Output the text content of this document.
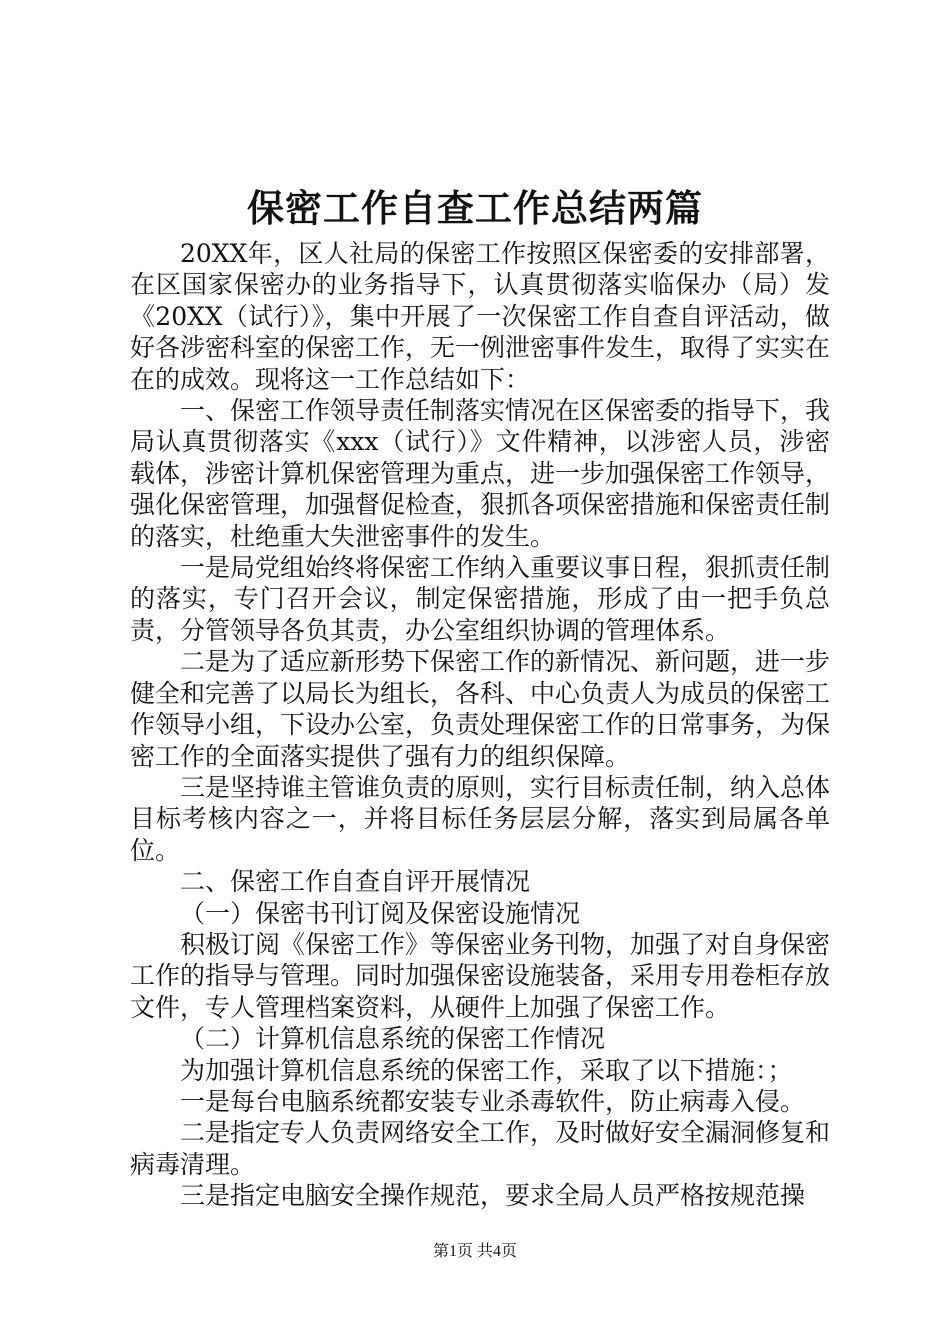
保密工作自查工作总结两篇

20XX年，区人社局的保密工作按照区保密委的安排部署，在区国家保密办的业务指导下，认真贯彻落实临保办（局）发《20XX（试行）》，集中开展了一次保密工作自查自评活动，做好各涉密科室的保密工作，无一例泄密事件发生，取得了实实在在的成效。现将这一工作总结如下：

一、保密工作领导责任制落实情况在区保密委的指导下，我局认真贯彻落实《xxx（试行）》文件精神，以涉密人员，涉密载体，涉密计算机保密管理为重点，进一步加强保密工作领导，强化保密管理，加强督促检查，狠抓各项保密措施和保密责任制的落实，杜绝重大失泄密事件的发生。

一是局党组始终将保密工作纳入重要议事日程，狠抓责任制的落实，专门召开会议，制定保密措施，形成了由一把手负总责，分管领导各负其责，办公室组织协调的管理体系。

二是为了适应新形势下保密工作的新情况、新问题，进一步健全和完善了以局长为组长，各科、中心负责人为成员的保密工作领导小组，下设办公室，负责处理保密工作的日常事务，为保密工作的全面落实提供了强有力的组织保障。

三是坚持谁主管谁负责的原则，实行目标责任制，纳入总体目标考核内容之一，并将目标任务层层分解，落实到局属各单位。

二、保密工作自查自评开展情况

（一）保密书刊订阅及保密设施情况

积极订阅《保密工作》等保密业务刊物，加强了对自身保密工作的指导与管理。同时加强保密设施装备，采用专用卷柜存放文件，专人管理档案资料，从硬件上加强了保密工作。

（二）计算机信息系统的保密工作情况

为加强计算机信息系统的保密工作，采取了以下措施：；

一是每台电脑系统都安装专业杀毒软件，防止病毒入侵。

二是指定专人负责网络安全工作，及时做好安全漏洞修复和病毒清理。

三是指定电脑安全操作规范，要求全局人员严格按规范操

第1页 共4页
